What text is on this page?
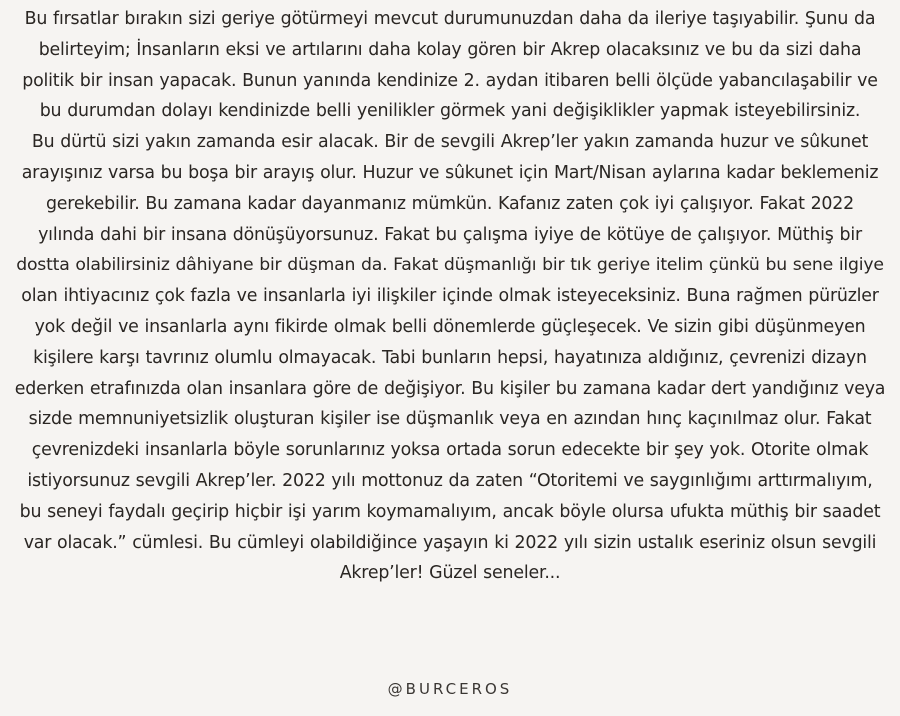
Bu fırsatlar bırakın sizi geriye götürmeyi mevcut durumunuzdan daha da ileriye taşıyabilir. Şunu da
belirteyim; İnsanların eksi ve artılarını daha kolay gören bir Akrep olacaksınız ve bu da sizi daha
politik bir insan yapacak. Bunun yanında kendinize 2. aydan itibaren belli ölçüde yabancılaşabilir ve
bu durumdan dolayı kendinizde belli yenilikler görmek yani değişiklikler yapmak isteyebilirsiniz.
Bu dürtü sizi yakın zamanda esir alacak. Bir de sevgili Akrep’ler yakın zamanda huzur ve sûkunet
arayışınız varsa bu boşa bir arayış olur. Huzur ve sûkunet için Mart/Nisan aylarına kadar beklemeniz
gerekebilir. Bu zamana kadar dayanmanız mümkün. Kafanız zaten çok iyi çalışıyor. Fakat 2022
yılında dahi bir insana dönüşüyorsunuz. Fakat bu çalışma iyiye de kötüye de çalışıyor. Müthiş bir
dostta olabilirsiniz dâhiyane bir düşman da. Fakat düşmanlığı bir tık geriye itelim çünkü bu sene ilgiye
olan ihtiyacınız çok fazla ve insanlarla iyi ilişkiler içinde olmak isteyeceksiniz. Buna rağmen pürüzler
yok değil ve insanlarla aynı fikirde olmak belli dönemlerde güçleşecek. Ve sizin gibi düşünmeyen
kişilere karşı tavrınız olumlu olmayacak. Tabi bunların hepsi, hayatınıza aldığınız, çevrenizi dizayn
ederken etrafınızda olan insanlara göre de değişiyor. Bu kişiler bu zamana kadar dert yandığınız veya
sizde memnuniyetsizlik oluşturan kişiler ise düşmanlık veya en azından hınç kaçınılmaz olur. Fakat
çevrenizdeki insanlarla böyle sorunlarınız yoksa ortada sorun edecekte bir şey yok. Otorite olmak
istiyorsunuz sevgili Akrep’ler. 2022 yılı mottonuz da zaten “Otoritemi ve saygınlığımı arttırmalıyım,
bu seneyi faydalı geçirip hiçbir işi yarım koymamalıyım, ancak böyle olursa ufukta müthiş bir saadet
var olacak.” cümlesi. Bu cümleyi olabildiğince yaşayın ki 2022 yılı sizin ustalık eseriniz olsun sevgili
Akrep’ler! Güzel seneler...

@BURCEROS
